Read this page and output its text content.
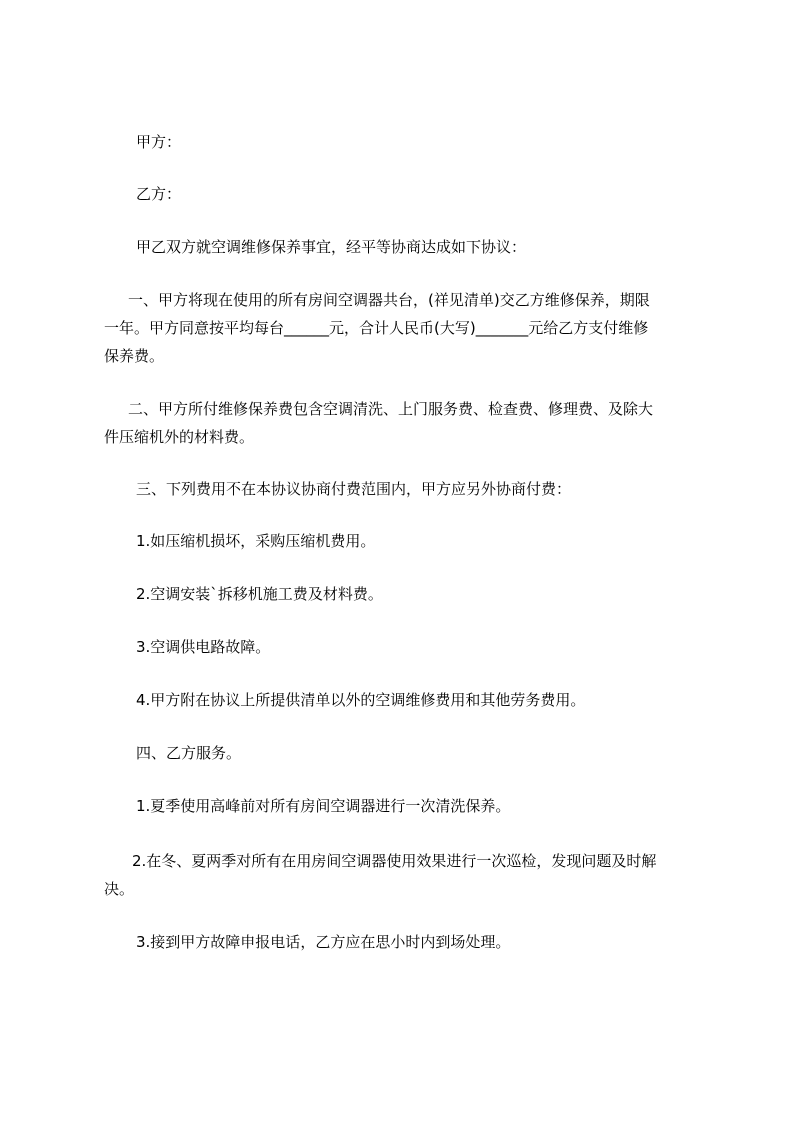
甲方：
乙方：
甲乙双方就空调维修保养事宜，经平等协商达成如下协议：
一、甲方将现在使用的所有房间空调器共台，(祥见清单)交乙方维修保养，期限
一年。甲方同意按平均每台______元，合计人民币(大写)_______元给乙方支付维修
保养费。
二、甲方所付维修保养费包含空调清洗、上门服务费、检查费、修理费、及除大
件压缩机外的材料费。
三、下列费用不在本协议协商付费范围内，甲方应另外协商付费：
1.如压缩机损坏，采购压缩机费用。
2.空调安装`拆移机施工费及材料费。
3.空调供电路故障。
4.甲方附在协议上所提供清单以外的空调维修费用和其他劳务费用。
四、乙方服务。
1.夏季使用高峰前对所有房间空调器进行一次清洗保养。
2.在冬、夏两季对所有在用房间空调器使用效果进行一次巡检，发现问题及时解
决。
3.接到甲方故障申报电话，乙方应在思小时内到场处理。
